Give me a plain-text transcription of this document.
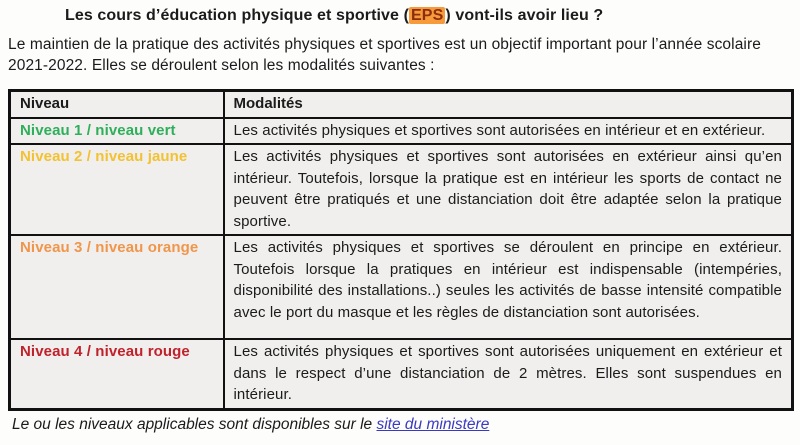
Les cours d’éducation physique et sportive ( EPS ) vont-ils avoir lieu ?

Le maintien de la pratique des activités physiques et sportives est un objectif important pour l’année scolaire 2021-2022. Elles se déroulent selon les modalités suivantes :

Niveau	Modalités
Niveau 1 / niveau vert	Les activités physiques et sportives sont autorisées en intérieur et en extérieur.
Niveau 2 / niveau jaune	Les activités physiques et sportives sont autorisées en extérieur ainsi qu’en intérieur. Toutefois, lorsque la pratique est en intérieur les sports de contact ne peuvent être pratiqués et une distanciation doit être adaptée selon la pratique sportive.
Niveau 3 / niveau orange	Les activités physiques et sportives se déroulent en principe en extérieur. Toutefois lorsque la pratiques en intérieur est indispensable (intempéries, disponibilité des installations..) seules les activités de basse intensité compatible avec le port du masque et les règles de distanciation sont autorisées.
Niveau 4 / niveau rouge	Les activités physiques et sportives sont autorisées uniquement en extérieur et dans le respect d’une distanciation de 2 mètres. Elles sont suspendues en intérieur.

Le ou les niveaux applicables sont disponibles sur le site du ministère
